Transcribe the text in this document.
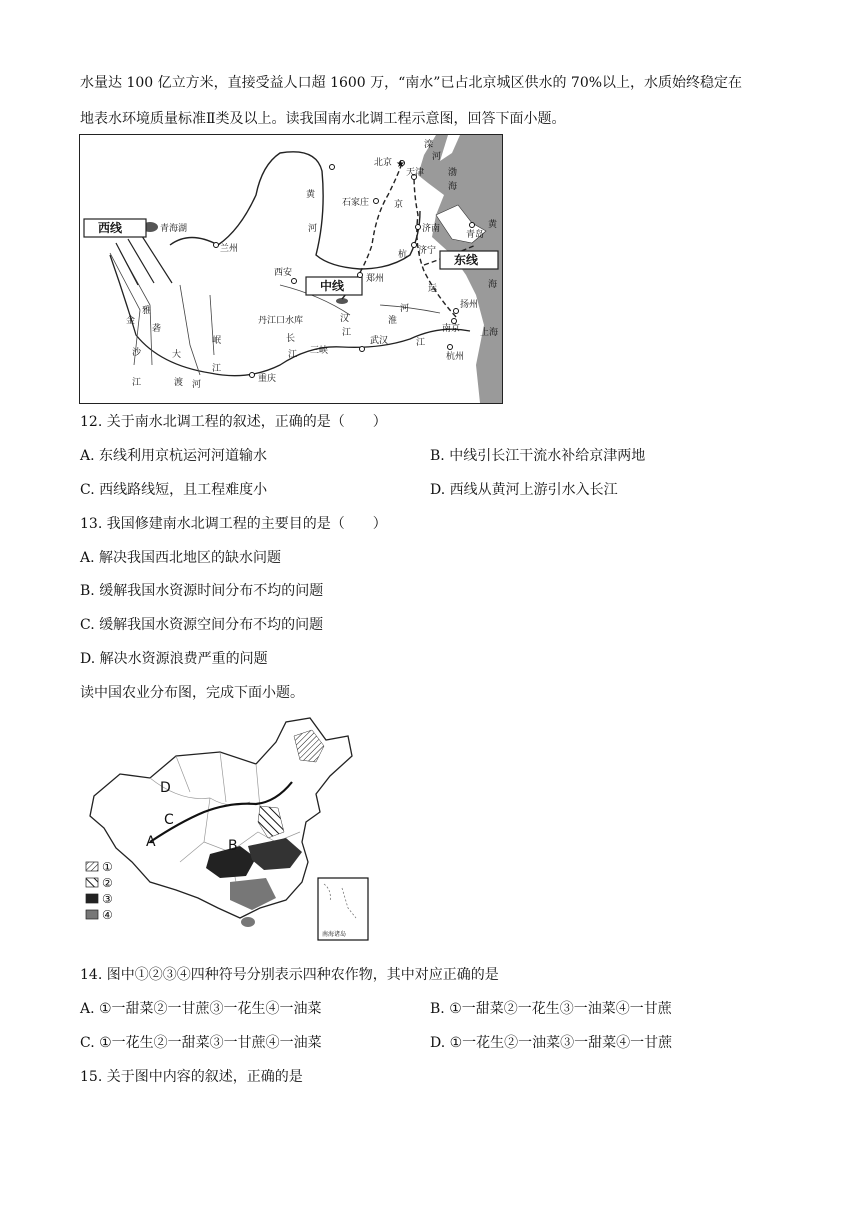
水量达 100 亿立方米，直接受益人口超 1600 万，“南水”已占北京城区供水的 70%以上，水质始终稳定在
地表水环境质量标准Ⅱ类及以上。读我国南水北调工程示意图，回答下面小题。
西线
中线
东线
北京
天津
石家庄
济南
青岛
济宁
郑州
西安
兰州
重庆
武汉
南京
扬州
杭州
上海
青海湖
丹江口水库
三峡
滦
河
渤
海
黄
海
黄
河
京
杭
运
汉
江
长
江
淮
河
江
雅
砻
金
沙
江
大
渡 河
岷
江
★
12. 关于南水北调工程的叙述，正确的是（　　）
A. 东线利用京杭运河河道输水	B. 中线引长江干流水补给京津两地
C. 西线路线短，且工程难度小	D. 西线从黄河上游引水入长江
13. 我国修建南水北调工程的主要目的是（　　）
A. 解决我国西北地区的缺水问题
B. 缓解我国水资源时间分布不均的问题
C. 缓解我国水资源空间分布不均的问题
D. 解决水资源浪费严重的问题
读中国农业分布图，完成下面小题。
D
C
A	B
①
②
③
④
南海诸岛
14. 图中①②③④四种符号分别表示四种农作物，其中对应正确的是
A. ①一甜菜②一甘蔗③一花生④一油菜	B. ①一甜菜②一花生③一油菜④一甘蔗
C. ①一花生②一甜菜③一甘蔗④一油菜	D. ①一花生②一油菜③一甜菜④一甘蔗
15. 关于图中内容的叙述，正确的是
